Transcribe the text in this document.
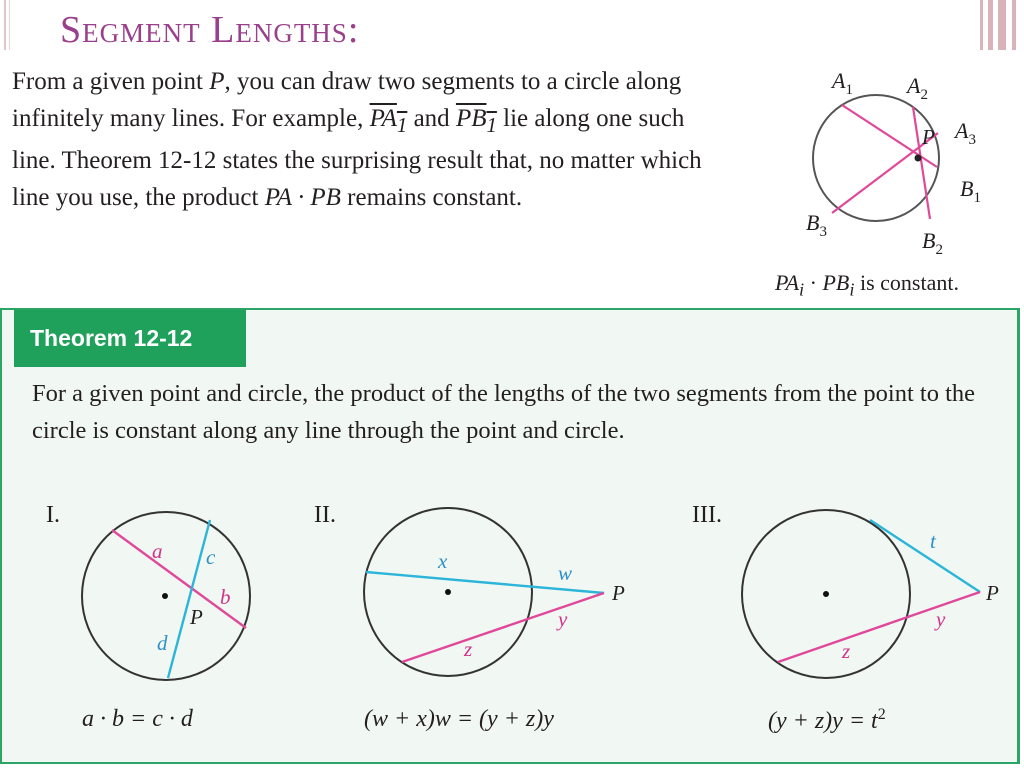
Segment Lengths:

From a given point P, you can draw two segments to a circle along infinitely many lines. For example, $PA_1$ and $PB_1$ lie along one such line. Theorem 12-12 states the surprising result that, no matter which line you use, the product PA · PB remains constant.

$A_1$ $A_2$
P $A_3$
$B_1$
$B_3$	$B_2$

$PA_i \cdot PB_i$ is constant.

Theorem 12-12

For a given point and circle, the product of the lengths of the two segments from the point to the circle is constant along any line through the point and circle.

I.
a c
b
P
d
a · b = c · d
II.
x	w
P
y
z
(w + x)w = (y + z)y
III.
t
P
y
z
$(y + z)y = t^2$
